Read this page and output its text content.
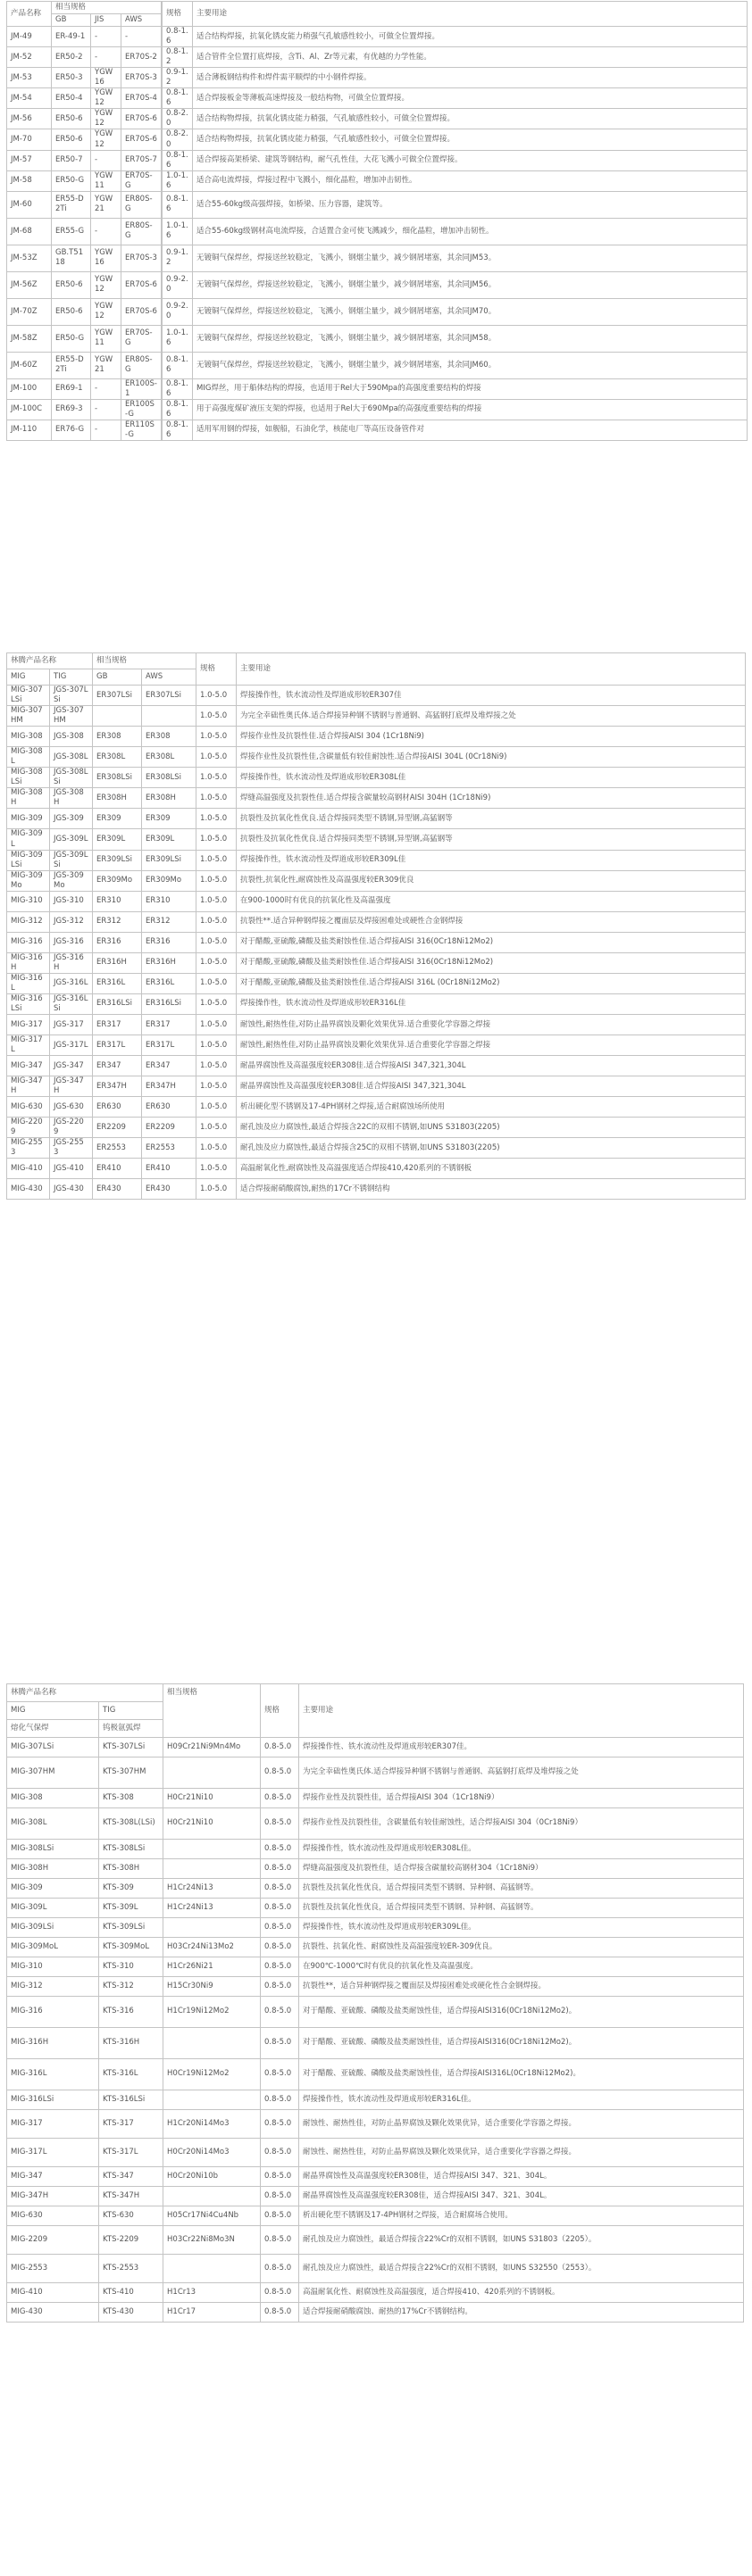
产品名称	相当规格			规格	主要用途
	GB	JIS	AWS		
JM-49	ER-49-1	-	-		0.8-1.6	适合结构焊接，抗氧化锈皮能力稍强气孔敏感性较小，可做全位置焊接。
JM-52	ER50-2	-	ER70S-2		0.8-1.2	适合管件全位置打底焊接，含Ti、Al、Zr等元素，有优越的力学性能。
JM-53	ER50-3	YGW16	ER70S-3		0.9-1.2	适合薄板钢结构件和焊件需平顺焊的中小钢件焊接。
JM-54	ER50-4	YGW12	ER70S-4		0.8-1.6	适合焊接板金等薄板高速焊接及一般结构物，可做全位置焊接。
JM-56	ER50-6	YGW12	ER70S-6		0.8-2.0	适合结构物焊接，抗氧化锈皮能力稍强，气孔敏感性较小，可做全位置焊接。
JM-70	ER50-6	YGW12	ER70S-6		0.8-2.0	适合结构物焊接，抗氧化锈皮能力稍强，气孔敏感性较小，可做全位置焊接。
JM-57	ER50-7	-	ER70S-7		0.8-1.6	适合焊接高架桥梁、建筑等钢结构，耐气孔性佳，大花飞溅小可做全位置焊接。
JM-58	ER50-G	YGW11	ER70S-G		1.0-1.6	适合高电流焊接，焊接过程中飞溅小，细化晶粒，增加冲击韧性。
JM-60	ER55-D2Ti	YGW21	ER80S-G		0.8-1.6	适合55-60kg级高强焊接，如桥梁、压力容器，建筑等。
JM-68	ER55-G	-	ER80S-G		1.0-1.6	适合55-60kg级钢材高电流焊接，合适置合金可使飞溅减少，细化晶粒，增加冲击韧性。
JM-53Z	GB.T5118	YGW16	ER70S-3		0.9-1.2	无镀铜气保焊丝，焊接送丝较稳定，飞溅小，钢烟尘量少，减少钢屑堵塞，其余同JM53。
JM-56Z	ER50-6	YGW12	ER70S-6		0.9-2.0	无镀铜气保焊丝，焊接送丝较稳定，飞溅小，钢烟尘量少，减少钢屑堵塞，其余同JM56。
JM-70Z	ER50-6	YGW12	ER70S-6		0.9-2.0	无镀铜气保焊丝，焊接送丝较稳定，飞溅小，钢烟尘量少，减少钢屑堵塞，其余同JM70。
JM-58Z	ER50-G	YGW11	ER70S-G		1.0-1.6	无镀铜气保焊丝，焊接送丝较稳定，飞溅小，钢烟尘量少，减少钢屑堵塞，其余同JM58。
JM-60Z	ER55-D2Ti	YGW21	ER80S-G		0.8-1.6	无镀铜气保焊丝，焊接送丝较稳定，飞溅小，钢烟尘量少，减少钢屑堵塞，其余同JM60。
JM-100	ER69-1	-	ER100S-1		0.8-1.6	MIG焊丝，用于船体结构的焊接，也适用于Rel大于590Mpa的高强度重要结构的焊接
JM-100C	ER69-3	-	ER100S-G		0.8-1.6	用于高强度煤矿液压支架的焊接，也适用于Rel大于690Mpa的高强度重要结构的焊接
JM-110	ER76-G	-	ER110S-G		0.8-1.6	适用军用钢的焊接，如舰船，石油化学，核能电厂等高压设备管件对
林腾产品名称		相当规格		规格	主要用途
MIG	TIG	GB	AWS		
MIG-307LSi	JGS-307LSi	ER307LSi	ER307LSi	1.0-5.0	焊接操作性，铁水流动性及焊道成形较ER307佳
MIG-307HM	JGS-307HM			1.0-5.0	为完全幸础性奥氏体.适合焊接异种钢不锈钢与普通钢、高猛钢打底焊及堆焊接之处
MIG-308	JGS-308	ER308	ER308	1.0-5.0	焊接作业性及抗裂性佳.适合焊接AISI 304 (1Cr18Ni9)
MIG-308L	JGS-308L	ER308L	ER308L	1.0-5.0	焊接作业性及抗裂性佳,含碳量低有较佳耐蚀性.适合焊接AISI 304L (0Cr18Ni9)
MIG-308LSi	JGS-308LSi	ER308LSi	ER308LSi	1.0-5.0	焊接操作性，铁水流动性及焊道成形较ER308L佳
MIG-308H	JGS-308H	ER308H	ER308H	1.0-5.0	焊缝高温强度及抗裂性佳.适合焊接含碳量较高钢材AISI 304H (1Cr18Ni9)
MIG-309	JGS-309	ER309	ER309	1.0-5.0	抗裂性及抗氧化性优良.适合焊接同类型不锈钢,异型钢,高猛钢等
MIG-309L	JGS-309L	ER309L	ER309L	1.0-5.0	抗裂性及抗氧化性优良.适合焊接同类型不锈钢,异型钢,高猛钢等
MIG-309LSi	JGS-309LSi	ER309LSi	ER309LSi	1.0-5.0	焊接操作性，铁水流动性及焊道成形较ER309L佳
MIG-309Mo	JGS-309Mo	ER309Mo	ER309Mo	1.0-5.0	抗裂性,抗氧化性,耐腐蚀性及高温强度较ER309优良
MIG-310	JGS-310	ER310	ER310	1.0-5.0	在900-1000时有优良的抗氧化性及高温强度
MIG-312	JGS-312	ER312	ER312	1.0-5.0	抗裂性**.适合异种钢焊接之覆面层及焊接困难处或硬性合金钢焊接
MIG-316	JGS-316	ER316	ER316	1.0-5.0	对于醋酸,亚硫酸,磷酸及盐类耐蚀性佳.适合焊接AISI 316(0Cr18Ni12Mo2)
MIG-316H	JGS-316H	ER316H	ER316H	1.0-5.0	对于醋酸,亚硫酸,磷酸及盐类耐蚀性佳.适合焊接AISI 316(0Cr18Ni12Mo2)
MIG-316L	JGS-316L	ER316L	ER316L	1.0-5.0	对于醋酸,亚硫酸,磷酸及盐类耐蚀性佳.适合焊接AISI 316L (0Cr18Ni12Mo2)
MIG-316LSi	JGS-316LSi	ER316LSi	ER316LSi	1.0-5.0	焊接操作性，铁水流动性及焊道成形较ER316L佳
MIG-317	JGS-317	ER317	ER317	1.0-5.0	耐蚀性,耐热性佳,对防止晶界腐蚀及颗化效果优异.适合重要化学容器之焊接
MIG-317L	JGS-317L	ER317L	ER317L	1.0-5.0	耐蚀性,耐热性佳,对防止晶界腐蚀及颗化效果优异.适合重要化学容器之焊接
MIG-347	JGS-347	ER347	ER347	1.0-5.0	耐晶界腐蚀性及高温强度较ER308佳.适合焊接AISI 347,321,304L
MIG-347H	JGS-347H	ER347H	ER347H	1.0-5.0	耐晶界腐蚀性及高温强度较ER308佳.适合焊接AISI 347,321,304L
MIG-630	JGS-630	ER630	ER630	1.0-5.0	析出硬化型不锈钢及17-4PH钢材之焊接,适合耐腐蚀场所使用
MIG-2209	JGS-2209	ER2209	ER2209	1.0-5.0	耐孔蚀及应力腐蚀性,最适合焊接含22C的双相不锈钢,如UNS S31803(2205)
MIG-2553	JGS-2553	ER2553	ER2553	1.0-5.0	耐孔蚀及应力腐蚀性,最适合焊接含25C的双相不锈钢,如UNS S31803(2205)
MIG-410	JGS-410	ER410	ER410	1.0-5.0	高温耐氧化性,耐腐蚀性及高温强度适合焊接410,420系列的不锈钢板
MIG-430	JGS-430	ER430	ER430	1.0-5.0	适合焊接耐硝酸腐蚀,耐热的17Cr不锈钢结构
林腾产品名称		相当规格	规格	主要用途
MIG	TIG			
熔化气保焊	钨极氩弧焊			
MIG-307LSi	KTS-307LSi	H09Cr21Ni9Mn4Mo	0.8-5.0	焊接操作性、铁水流动性及焊道成形较ER307佳。
MIG-307HM	KTS-307HM		0.8-5.0	为完全幸础性奥氏体.适合焊接异种钢不锈钢与普通钢、高猛钢打底焊及堆焊接之处
MIG-308	KTS-308	H0Cr21Ni10	0.8-5.0	焊接作业性及抗裂性佳，适合焊接AISI 304（1Cr18Ni9）
MIG-308L	KTS-308L(LSi)	H0Cr21Ni10	0.8-5.0	焊接作业性及抗裂性佳，含碳量低有较佳耐蚀性，适合焊接AISI 304（0Cr18Ni9）
MIG-308LSi	KTS-308LSi		0.8-5.0	焊接操作性，铁水流动性及焊道成形较ER308L佳。
MIG-308H	KTS-308H		0.8-5.0	焊缝高温强度及抗裂性佳，适合焊接含碳量较高钢材304（1Cr18Ni9）
MIG-309	KTS-309	H1Cr24Ni13	0.8-5.0	抗裂性及抗氧化性优良，适合焊接同类型不锈钢、异种钢、高猛钢等。
MIG-309L	KTS-309L	H1Cr24Ni13	0.8-5.0	抗裂性及抗氧化性优良，适合焊接同类型不锈钢、异种钢、高猛钢等。
MIG-309LSi	KTS-309LSi		0.8-5.0	焊接操作性，铁水流动性及焊道成形较ER309L佳。
MIG-309MoL	KTS-309MoL	H03Cr24Ni13Mo2	0.8-5.0	抗裂性、抗氧化性、耐腐蚀性及高温强度较ER-309优良。
MIG-310	KTS-310	H1Cr26Ni21	0.8-5.0	在900℃-1000℃时有优良的抗氧化性及高温强度。
MIG-312	KTS-312	H15Cr30Ni9	0.8-5.0	抗裂性**，适合异种钢焊接之覆面层及焊接困难处或硬化性合金钢焊接。
MIG-316	KTS-316	H1Cr19Ni12Mo2	0.8-5.0	对于醋酸、亚硫酸、磷酸及盐类耐蚀性佳，适合焊接AISI316(0Cr18Ni12Mo2)。
MIG-316H	KTS-316H		0.8-5.0	对于醋酸、亚硫酸、磷酸及盐类耐蚀性佳，适合焊接AISI316(0Cr18Ni12Mo2)。
MIG-316L	KTS-316L	H0Cr19Ni12Mo2	0.8-5.0	对于醋酸、亚硫酸、磷酸及盐类耐蚀性佳，适合焊接AISI316L(0Cr18Ni12Mo2)。
MIG-316LSi	KTS-316LSi		0.8-5.0	焊接操作性，铁水流动性及焊道成形较ER316L佳。
MIG-317	KTS-317	H1Cr20Ni14Mo3	0.8-5.0	耐蚀性、耐热性佳，对防止晶界腐蚀及颗化效果优异，适合重要化学容器之焊接。
MIG-317L	KTS-317L	H0Cr20Ni14Mo3	0.8-5.0	耐蚀性、耐热性佳，对防止晶界腐蚀及颗化效果优异，适合重要化学容器之焊接。
MIG-347	KTS-347	H0Cr20Ni10b	0.8-5.0	耐晶界腐蚀性及高温强度较ER308佳，适合焊接AISI 347、321、304L。
MIG-347H	KTS-347H		0.8-5.0	耐晶界腐蚀性及高温强度较ER308佳，适合焊接AISI 347、321、304L。
MIG-630	KTS-630	H05Cr17Ni4Cu4Nb	0.8-5.0	析出硬化型不锈钢及17-4PH钢材之焊接，适合耐腐场合使用。
MIG-2209	KTS-2209	H03Cr22Ni8Mo3N	0.8-5.0	耐孔蚀及应力腐蚀性，最适合焊接含22%Cr的双相不锈钢，如UNS S31803（2205）。
MIG-2553	KTS-2553		0.8-5.0	耐孔蚀及应力腐蚀性，最适合焊接含22%Cr的双相不锈钢，如UNS S32550（2553）。
MIG-410	KTS-410	H1Cr13	0.8-5.0	高温耐氧化性、耐腐蚀性及高温强度，适合焊接410、420系列的不锈钢板。
MIG-430	KTS-430	H1Cr17	0.8-5.0	适合焊接耐硝酸腐蚀、耐热的17%Cr不锈钢结构。
